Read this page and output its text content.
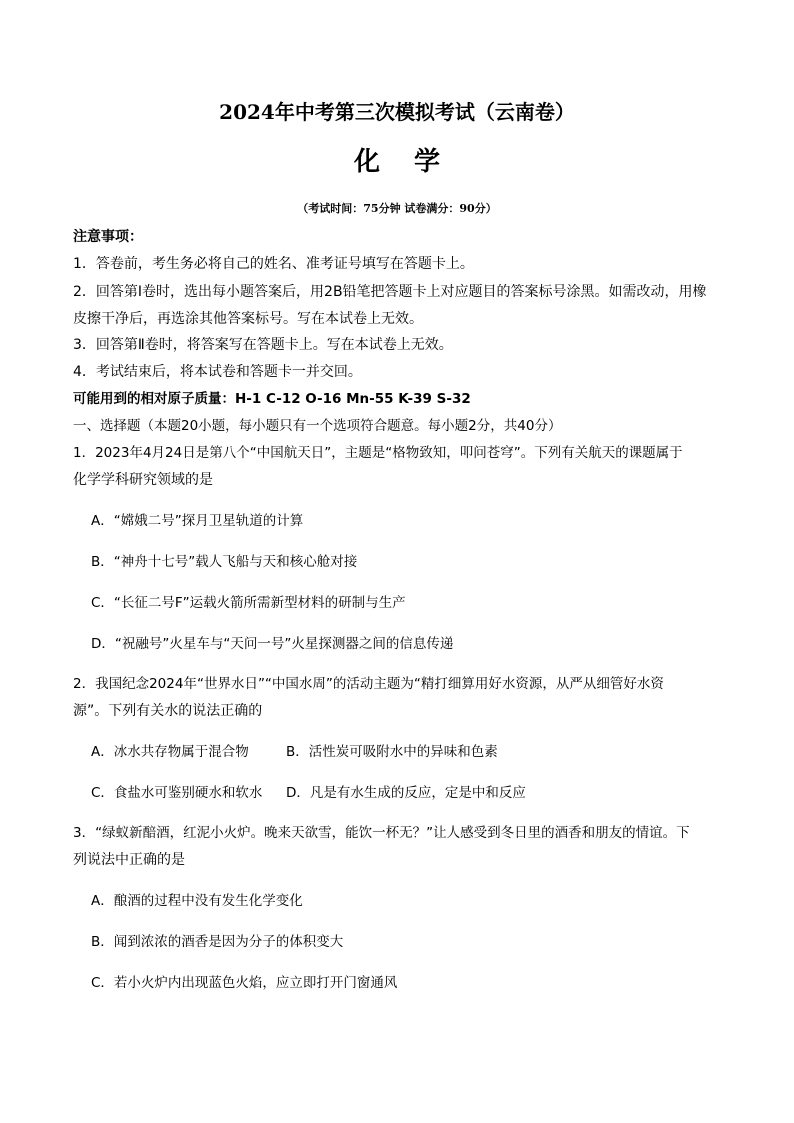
2024年中考第三次模拟考试（云南卷）
化学
（考试时间：75分钟 试卷满分：90分）
注意事项：
1．答卷前，考生务必将自己的姓名、准考证号填写在答题卡上。
2．回答第Ⅰ卷时，选出每小题答案后，用2B铅笔把答题卡上对应题目的答案标号涂黑。如需改动，用橡
皮擦干净后，再选涂其他答案标号。写在本试卷上无效。
3．回答第Ⅱ卷时，将答案写在答题卡上。写在本试卷上无效。
4．考试结束后，将本试卷和答题卡一并交回。
可能用到的相对原子质量：H-1 C-12 O-16 Mn-55 K-39 S-32
一、选择题（本题20小题，每小题只有一个选项符合题意。每小题2分，共40分）
1．2023年4月24日是第八个“中国航天日”，主题是“格物致知，叩问苍穹”。下列有关航天的课题属于
化学学科研究领域的是
A．“嫦娥二号”探月卫星轨道的计算
B．“神舟十七号”载人飞船与天和核心舱对接
C．“长征二号F”运载火箭所需新型材料的研制与生产
D．“祝融号”火星车与“天问一号”火星探测器之间的信息传递
2．我国纪念2024年“世界水日”“中国水周”的活动主题为“精打细算用好水资源，从严从细管好水资
源”。下列有关水的说法正确的
A．冰水共存物属于混合物	B．活性炭可吸附水中的异味和色素
C．食盐水可鉴别硬水和软水 D．凡是有水生成的反应，定是中和反应
3．“绿蚁新醅酒，红泥小火炉。晚来天欲雪，能饮一杯无？”让人感受到冬日里的酒香和朋友的情谊。下
列说法中正确的是
A．酿酒的过程中没有发生化学变化
B．闻到浓浓的酒香是因为分子的体积变大
C．若小火炉内出现蓝色火焰，应立即打开门窗通风
